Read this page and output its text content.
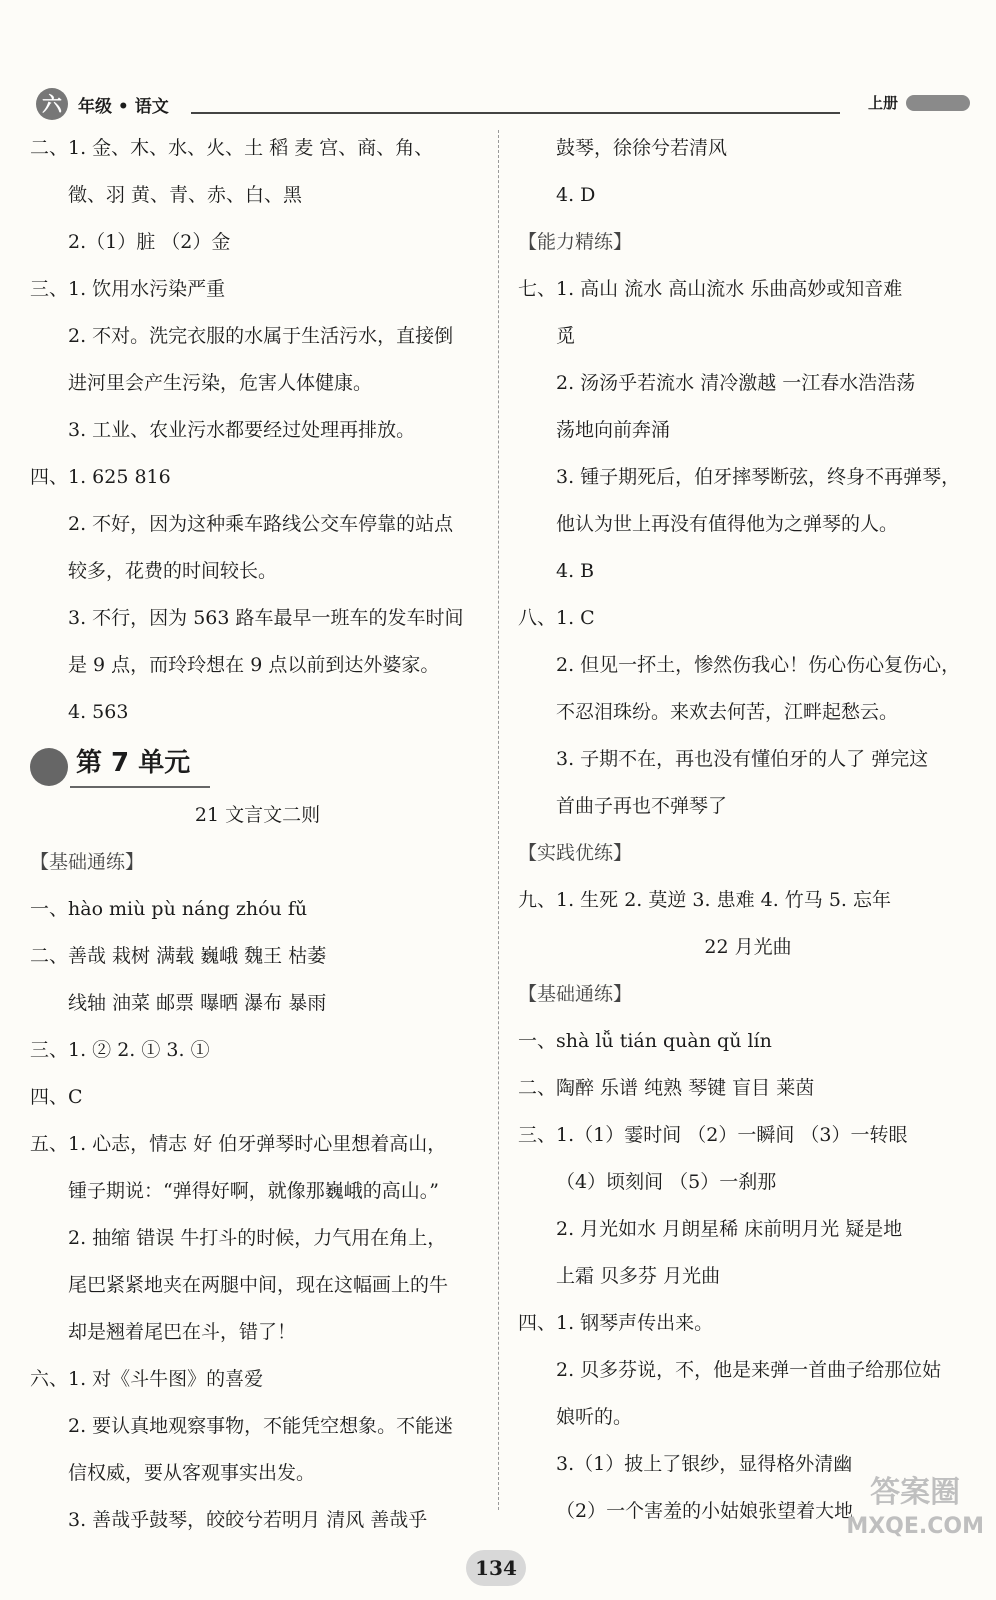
六 年级 • 语文	上册
二、1. 金、木、水、火、土 稻 麦 宫、商、角、
徵、羽 黄、青、赤、白、黑
2.（1）脏 （2）金
三、1. 饮用水污染严重
2. 不对。洗完衣服的水属于生活污水，直接倒
进河里会产生污染，危害人体健康。
3. 工业、农业污水都要经过处理再排放。
四、1. 625 816
2. 不好，因为这种乘车路线公交车停靠的站点
较多，花费的时间较长。
3. 不行，因为 563 路车最早一班车的发车时间
是 9 点，而玲玲想在 9 点以前到达外婆家。
4. 563
第 7 单元
21 文言文二则
【基础通练】
一、hào miù pù náng zhóu fǔ
二、善哉 栽树 满载 巍峨 魏王 枯萎
线轴 油菜 邮票 曝晒 瀑布 暴雨
三、1. ② 2. ① 3. ①
四、C
五、1. 心志，情志 好 伯牙弹琴时心里想着高山，
锺子期说：“弹得好啊，就像那巍峨的高山。”
2. 抽缩 错误 牛打斗的时候，力气用在角上，
尾巴紧紧地夹在两腿中间，现在这幅画上的牛
却是翘着尾巴在斗，错了！
六、1. 对《斗牛图》的喜爱
2. 要认真地观察事物，不能凭空想象。不能迷
信权威，要从客观事实出发。
3. 善哉乎鼓琴，皎皎兮若明月 清风 善哉乎
鼓琴，徐徐兮若清风
4. D
【能力精练】
七、1. 高山 流水 高山流水 乐曲高妙或知音难
觅
2. 汤汤乎若流水 清冷激越 一江春水浩浩荡
荡地向前奔涌
3. 锺子期死后，伯牙摔琴断弦，终身不再弹琴，
他认为世上再没有值得他为之弹琴的人。
4. B
八、1. C
2. 但见一抔土，惨然伤我心！伤心伤心复伤心，
不忍泪珠纷。来欢去何苦，江畔起愁云。
3. 子期不在，再也没有懂伯牙的人了 弹完这
首曲子再也不弹琴了
【实践优练】
九、1. 生死 2. 莫逆 3. 患难 4. 竹马 5. 忘年
22 月光曲
【基础通练】
一、shà lǚ tián quàn qǔ lín
二、陶醉 乐谱 纯熟 琴键 盲目 莱茵
三、1.（1）霎时间 （2）一瞬间 （3）一转眼
（4）顷刻间 （5）一刹那
2. 月光如水 月朗星稀 床前明月光 疑是地
上霜 贝多芬 月光曲
四、1. 钢琴声传出来。
2. 贝多芬说，不，他是来弹一首曲子给那位姑
娘听的。
3.（1）披上了银纱，显得格外清幽
（2）一个害羞的小姑娘张望着大地
134
答案圈
MXQE.COM
